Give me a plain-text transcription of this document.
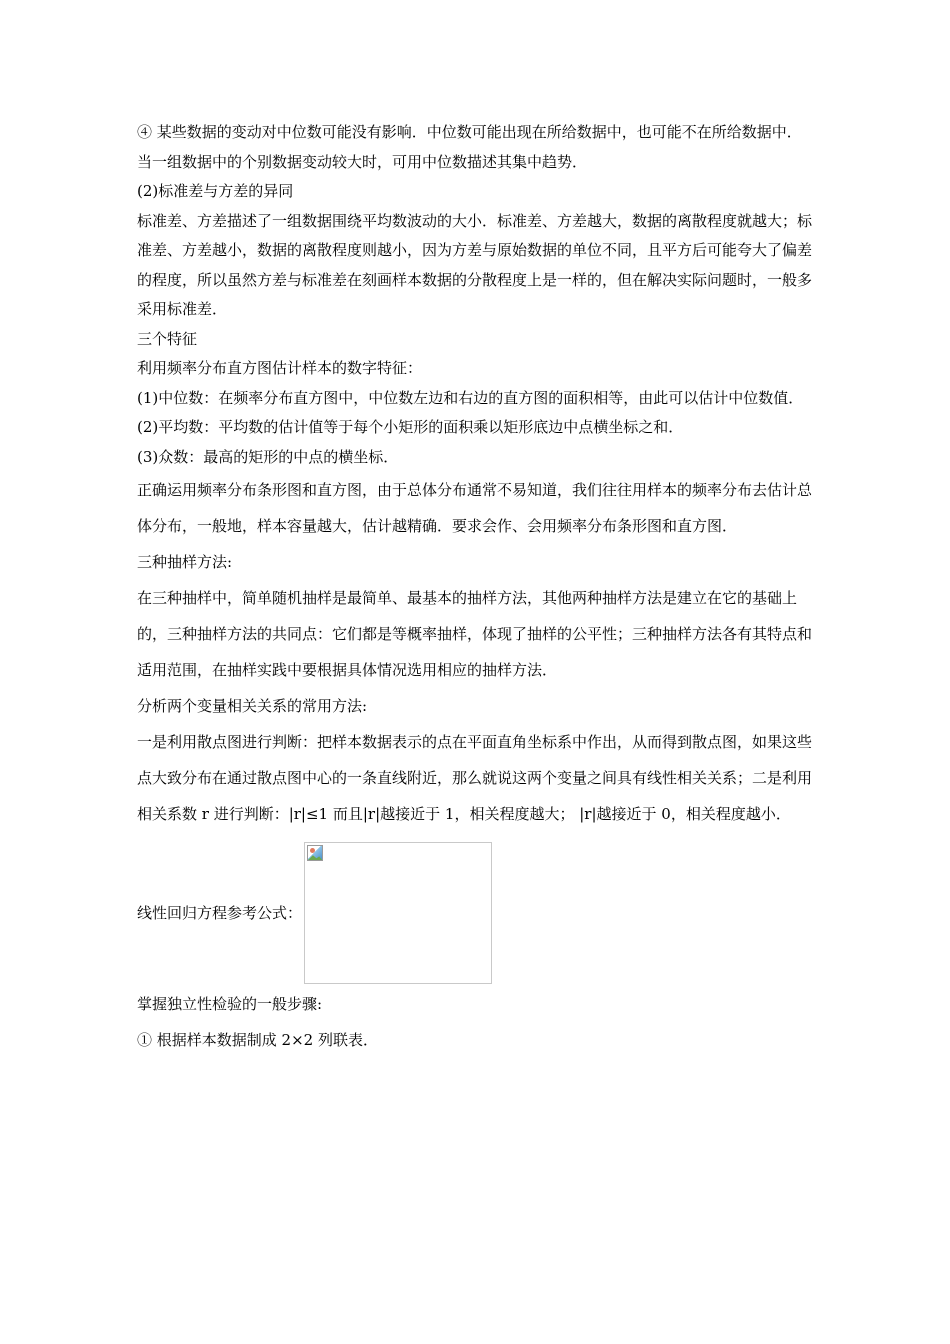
④ 某些数据的变动对中位数可能没有影响．中位数可能出现在所给数据中，也可能不在所给数据中．当一组数据中的个别数据变动较大时，可用中位数描述其集中趋势．

(2)标准差与方差的异同

标准差、方差描述了一组数据围绕平均数波动的大小．标准差、方差越大，数据的离散程度就越大；标准差、方差越小，数据的离散程度则越小，因为方差与原始数据的单位不同，且平方后可能夸大了偏差的程度，所以虽然方差与标准差在刻画样本数据的分散程度上是一样的，但在解决实际问题时，一般多采用标准差．

三个特征

利用频率分布直方图估计样本的数字特征：

(1)中位数：在频率分布直方图中，中位数左边和右边的直方图的面积相等，由此可以估计中位数值．

(2)平均数：平均数的估计值等于每个小矩形的面积乘以矩形底边中点横坐标之和．

(3)众数：最高的矩形的中点的横坐标．

正确运用频率分布条形图和直方图，由于总体分布通常不易知道，我们往往用样本的频率分布去估计总体分布，一般地，样本容量越大，估计越精确．要求会作、会用频率分布条形图和直方图．

三种抽样方法:

在三种抽样中，简单随机抽样是最简单、最基本的抽样方法，其他两种抽样方法是建立在它的基础上的，三种抽样方法的共同点：它们都是等概率抽样，体现了抽样的公平性；三种抽样方法各有其特点和适用范围，在抽样实践中要根据具体情况选用相应的抽样方法．

分析两个变量相关关系的常用方法:

一是利用散点图进行判断：把样本数据表示的点在平面直角坐标系中作出，从而得到散点图，如果这些点大致分布在通过散点图中心的一条直线附近，那么就说这两个变量之间具有线性相关关系；二是利用相关系数 r 进行判断：|r|≤1 而且|r|越接近于 1，相关程度越大； |r|越接近于 0，相关程度越小．

线性回归方程参考公式：

掌握独立性检验的一般步骤:

① 根据样本数据制成 2×2 列联表．
